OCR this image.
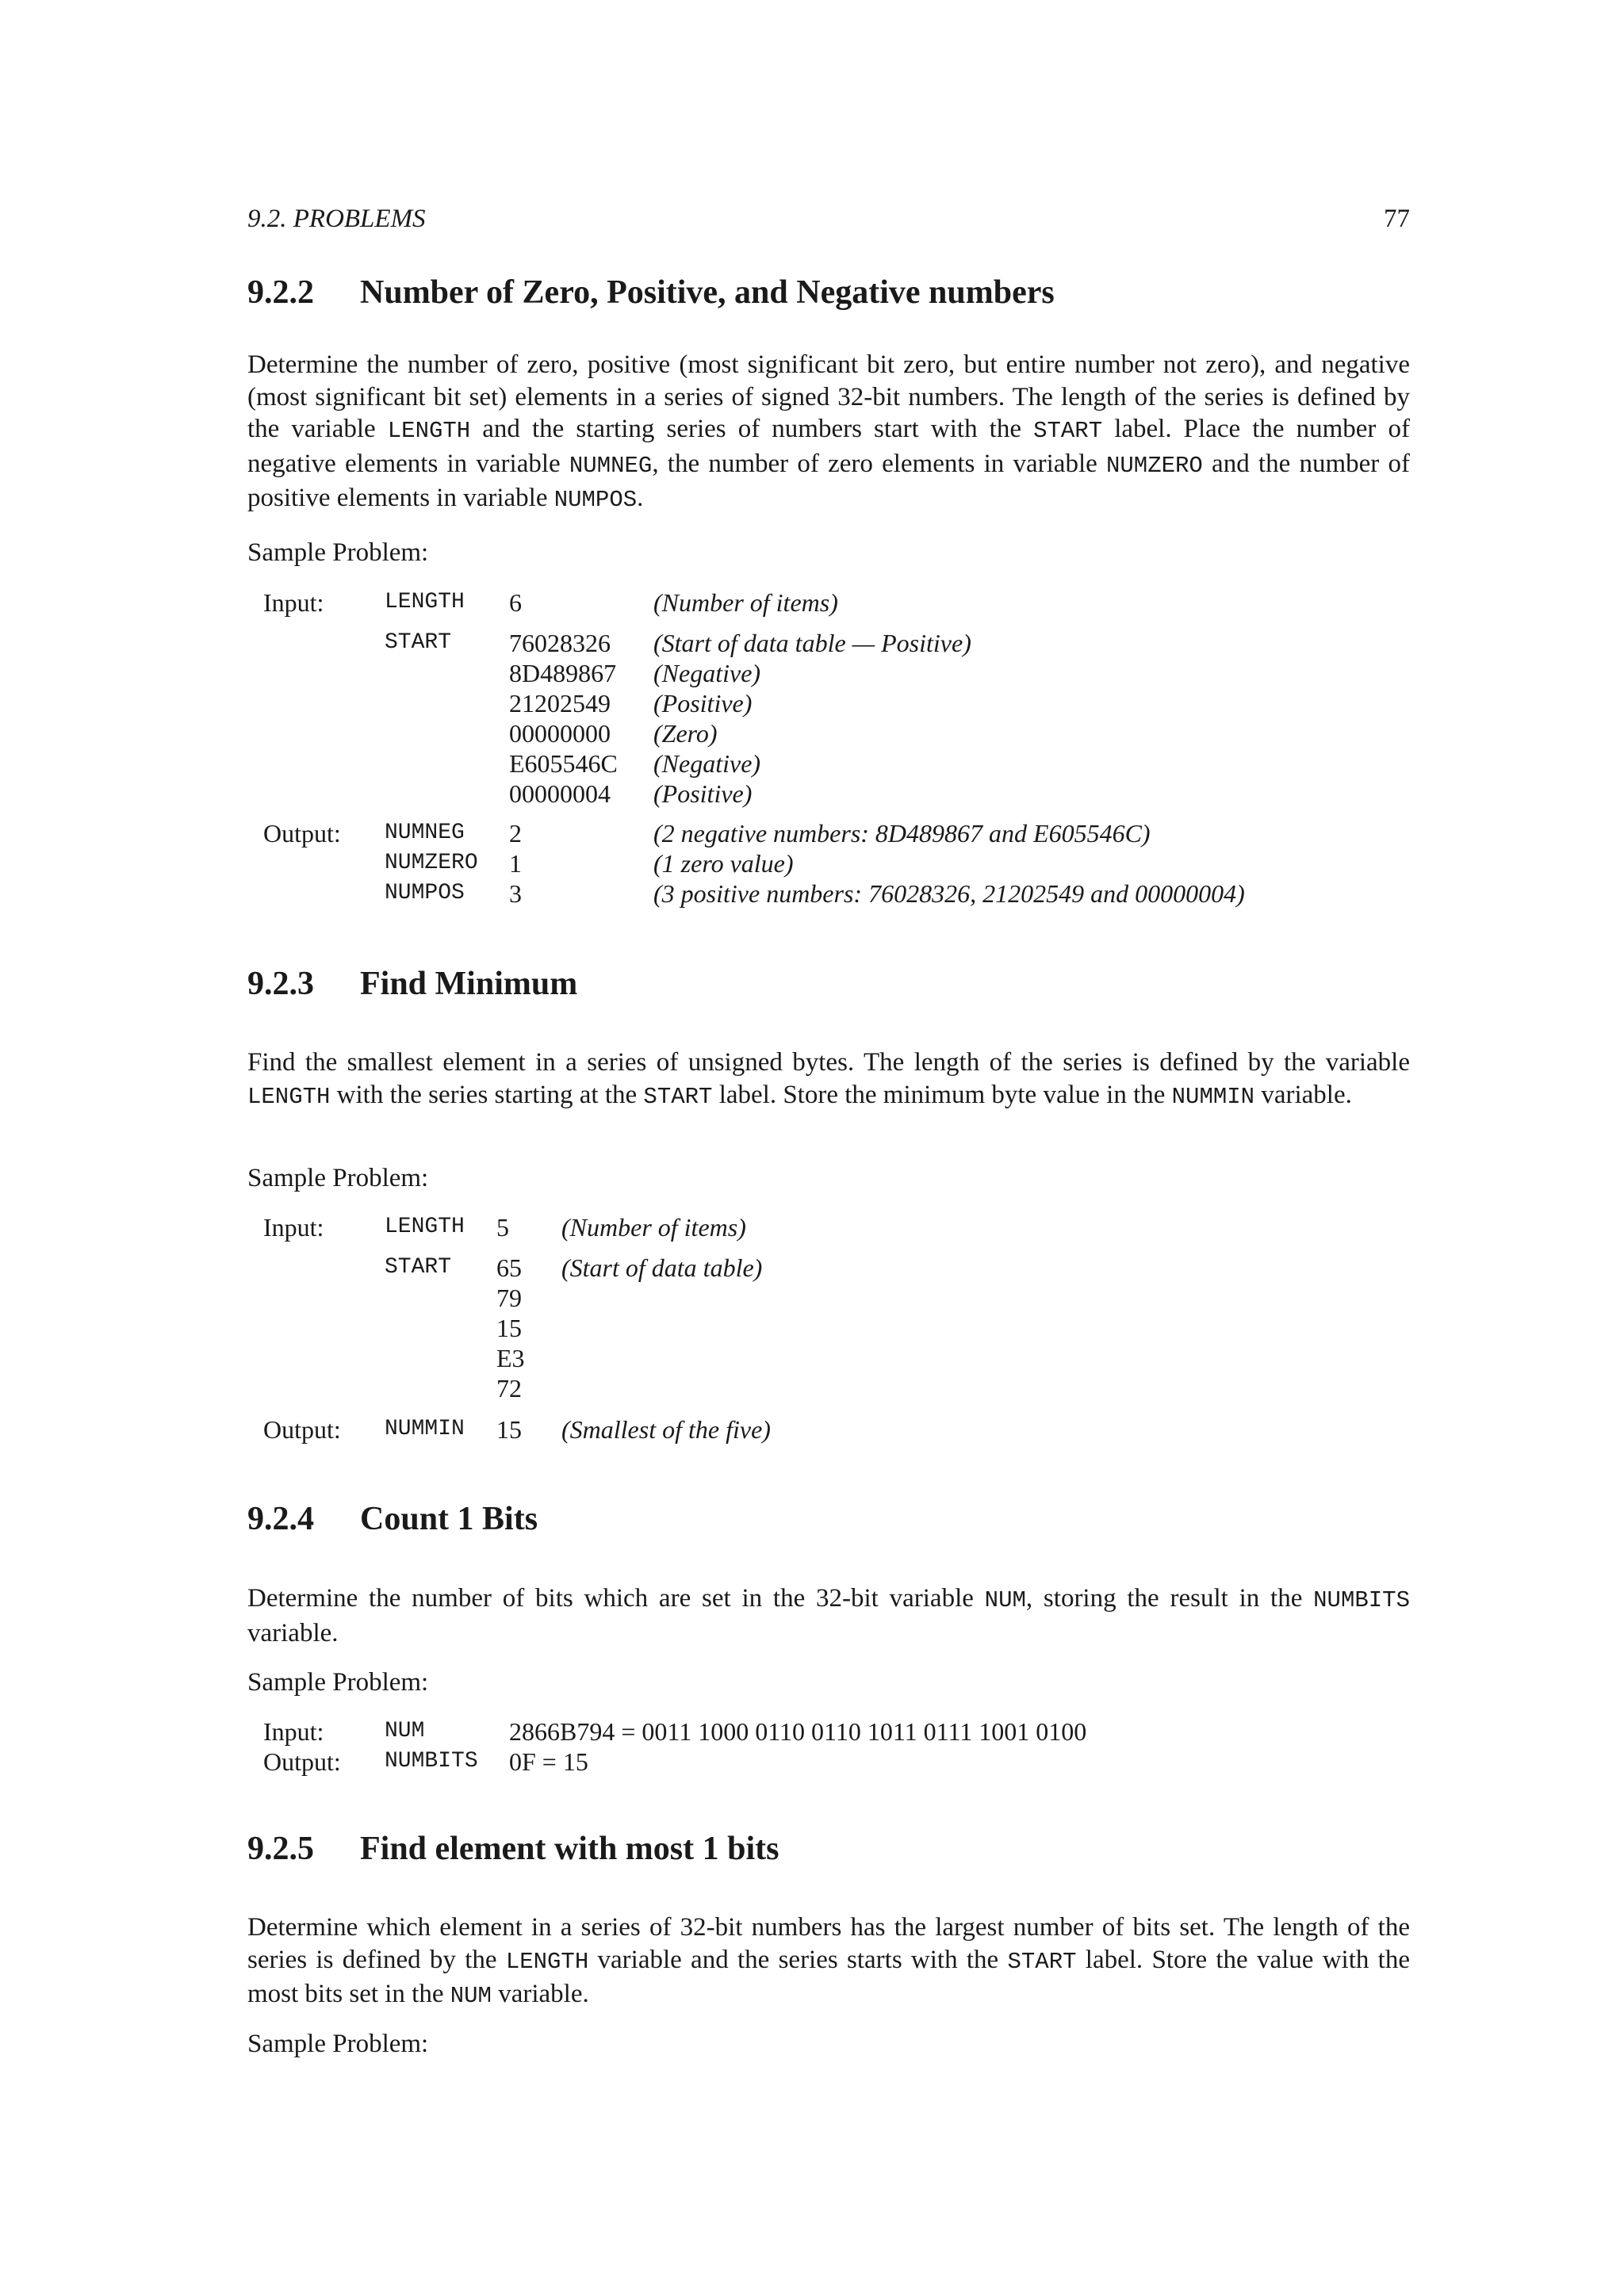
9.2. PROBLEMS	77
9.2.2 Number of Zero, Positive, and Negative numbers

Determine the number of zero, positive (most significant bit zero, but entire number not zero), and negative (most significant bit set) elements in a series of signed 32-bit numbers. The length of the series is defined by the variable LENGTH and the starting series of numbers start with the START label. Place the number of negative elements in variable NUMNEG, the number of zero elements in variable NUMZERO and the number of positive elements in variable NUMPOS.

Sample Problem:

Input:	LENGTH 6	(Number of items)
START 76028326 (Start of data table — Positive)
8D489867 (Negative)
21202549 (Positive)
00000000 (Zero)
E605546C (Negative)
00000004 (Positive)
Output: NUMNEG 2	(2 negative numbers: 8D489867 and E605546C)
NUMZERO 1	(1 zero value)
NUMPOS 3	(3 positive numbers: 76028326, 21202549 and 00000004)
9.2.3 Find Minimum

Find the smallest element in a series of unsigned bytes. The length of the series is defined by the variable LENGTH with the series starting at the START label. Store the minimum byte value in the NUMMIN variable.

Sample Problem:

Input:	LENGTH 5 (Number of items)
START 65 (Start of data table)
79
15
E3
72
Output: NUMMIN 15 (Smallest of the five)
9.2.4 Count 1 Bits

Determine the number of bits which are set in the 32-bit variable NUM, storing the result in the NUMBITS variable.

Sample Problem:

Input:	NUM	2866B794 = 0011 1000 0110 0110 1011 0111 1001 0100
Output: NUMBITS 0F = 15
9.2.5 Find element with most 1 bits

Determine which element in a series of 32-bit numbers has the largest number of bits set. The length of the series is defined by the LENGTH variable and the series starts with the START label. Store the value with the most bits set in the NUM variable.

Sample Problem:
